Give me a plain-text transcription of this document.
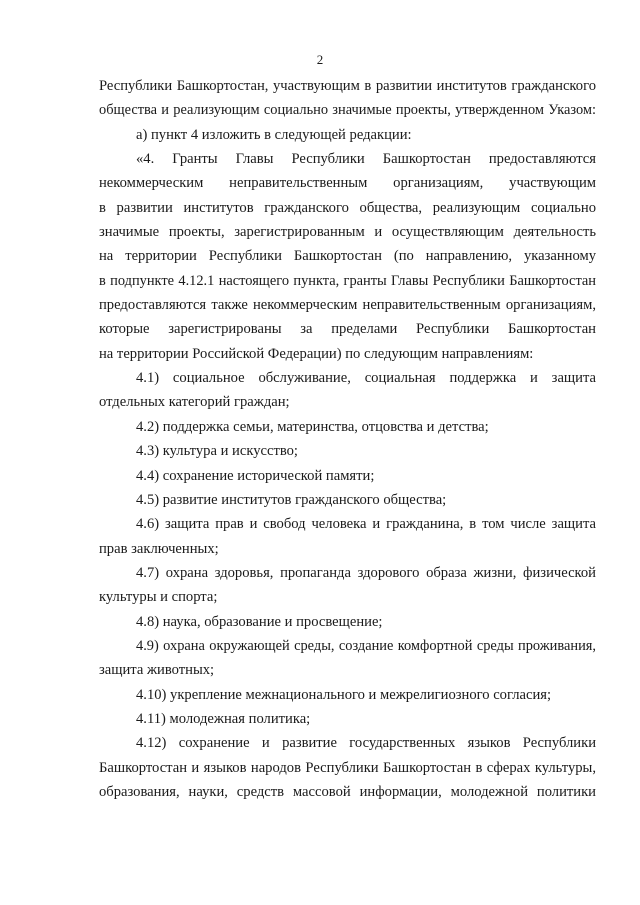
2
Республики Башкортостан, участвующим в развитии институтов гражданского
общества и реализующим социально значимые проекты, утвержденном Указом:
а) пункт 4 изложить в следующей редакции:
«4. Гранты Главы Республики Башкортостан предоставляются
некоммерческим неправительственным организациям, участвующим
в развитии институтов гражданского общества, реализующим социально
значимые проекты, зарегистрированным и осуществляющим деятельность
на территории Республики Башкортостан (по направлению, указанному
в подпункте 4.12.1 настоящего пункта, гранты Главы Республики Башкортостан
предоставляются также некоммерческим неправительственным организациям,
которые зарегистрированы за пределами Республики Башкортостан
на территории Российской Федерации) по следующим направлениям:
4.1) социальное обслуживание, социальная поддержка и защита
отдельных категорий граждан;
4.2) поддержка семьи, материнства, отцовства и детства;
4.3) культура и искусство;
4.4) сохранение исторической памяти;
4.5) развитие институтов гражданского общества;
4.6) защита прав и свобод человека и гражданина, в том числе защита
прав заключенных;
4.7) охрана здоровья, пропаганда здорового образа жизни, физической
культуры и спорта;
4.8) наука, образование и просвещение;
4.9) охрана окружающей среды, создание комфортной среды проживания,
защита животных;
4.10) укрепление межнационального и межрелигиозного согласия;
4.11) молодежная политика;
4.12) сохранение и развитие государственных языков Республики
Башкортостан и языков народов Республики Башкортостан в сферах культуры,
образования, науки, средств массовой информации, молодежной политики
